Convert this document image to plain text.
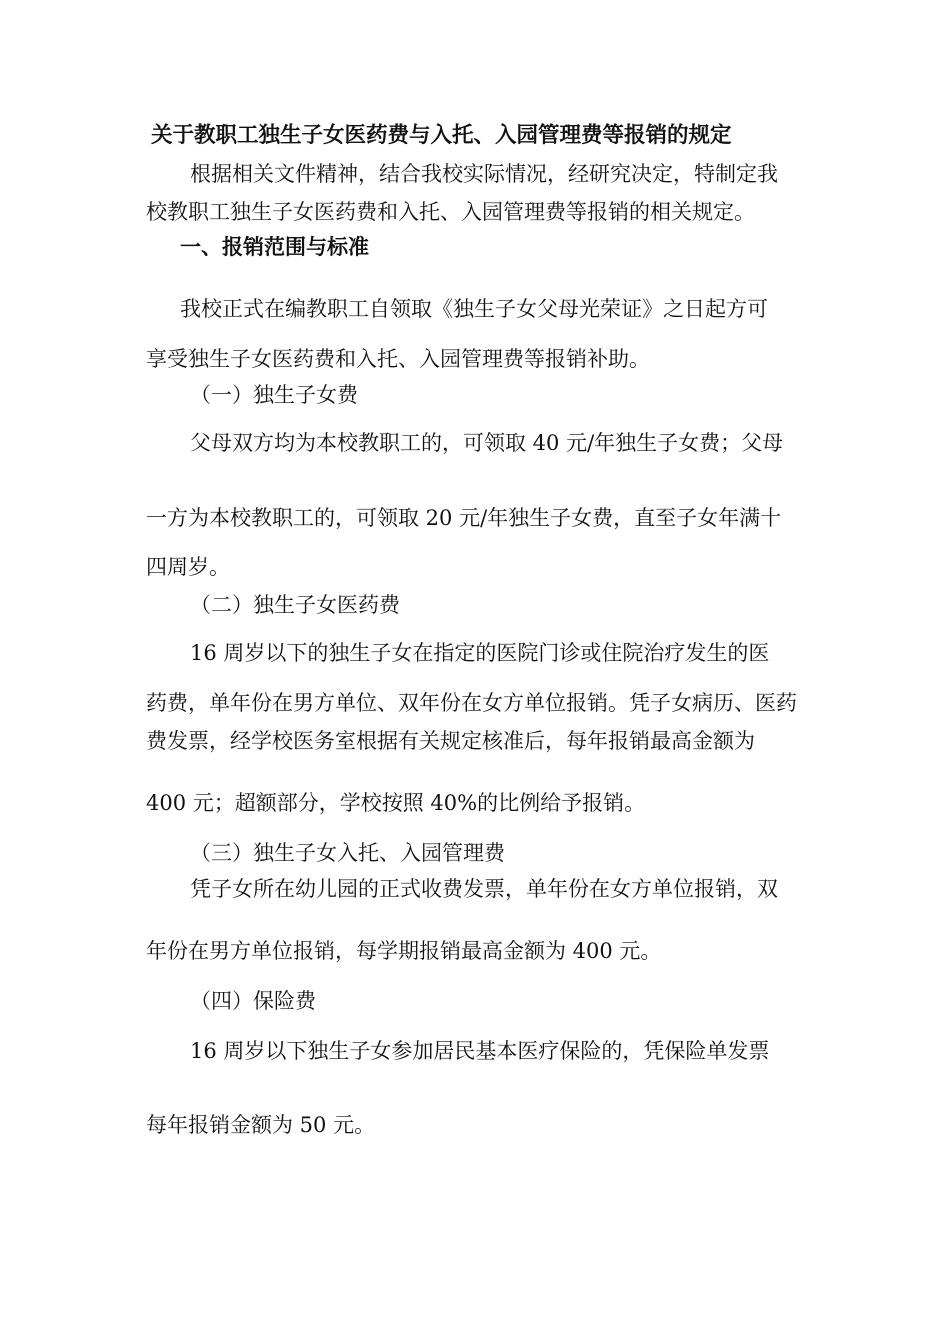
关于教职工独生子女医药费与入托、入园管理费等报销的规定
根据相关文件精神，结合我校实际情况，经研究决定，特制定我
校教职工独生子女医药费和入托、入园管理费等报销的相关规定。
一、报销范围与标准
我校正式在编教职工自领取《独生子女父母光荣证》之日起方可
享受独生子女医药费和入托、入园管理费等报销补助。
（一）独生子女费
父母双方均为本校教职工的，可领取 40 元/年独生子女费；父母
一方为本校教职工的，可领取 20 元/年独生子女费，直至子女年满十
四周岁。
（二）独生子女医药费
16 周岁以下的独生子女在指定的医院门诊或住院治疗发生的医
药费，单年份在男方单位、双年份在女方单位报销。凭子女病历、医药
费发票，经学校医务室根据有关规定核准后，每年报销最高金额为
400 元；超额部分，学校按照 40%的比例给予报销。
（三）独生子女入托、入园管理费
凭子女所在幼儿园的正式收费发票，单年份在女方单位报销，双
年份在男方单位报销，每学期报销最高金额为 400 元。
（四）保险费
16 周岁以下独生子女参加居民基本医疗保险的，凭保险单发票
每年报销金额为 50 元。
